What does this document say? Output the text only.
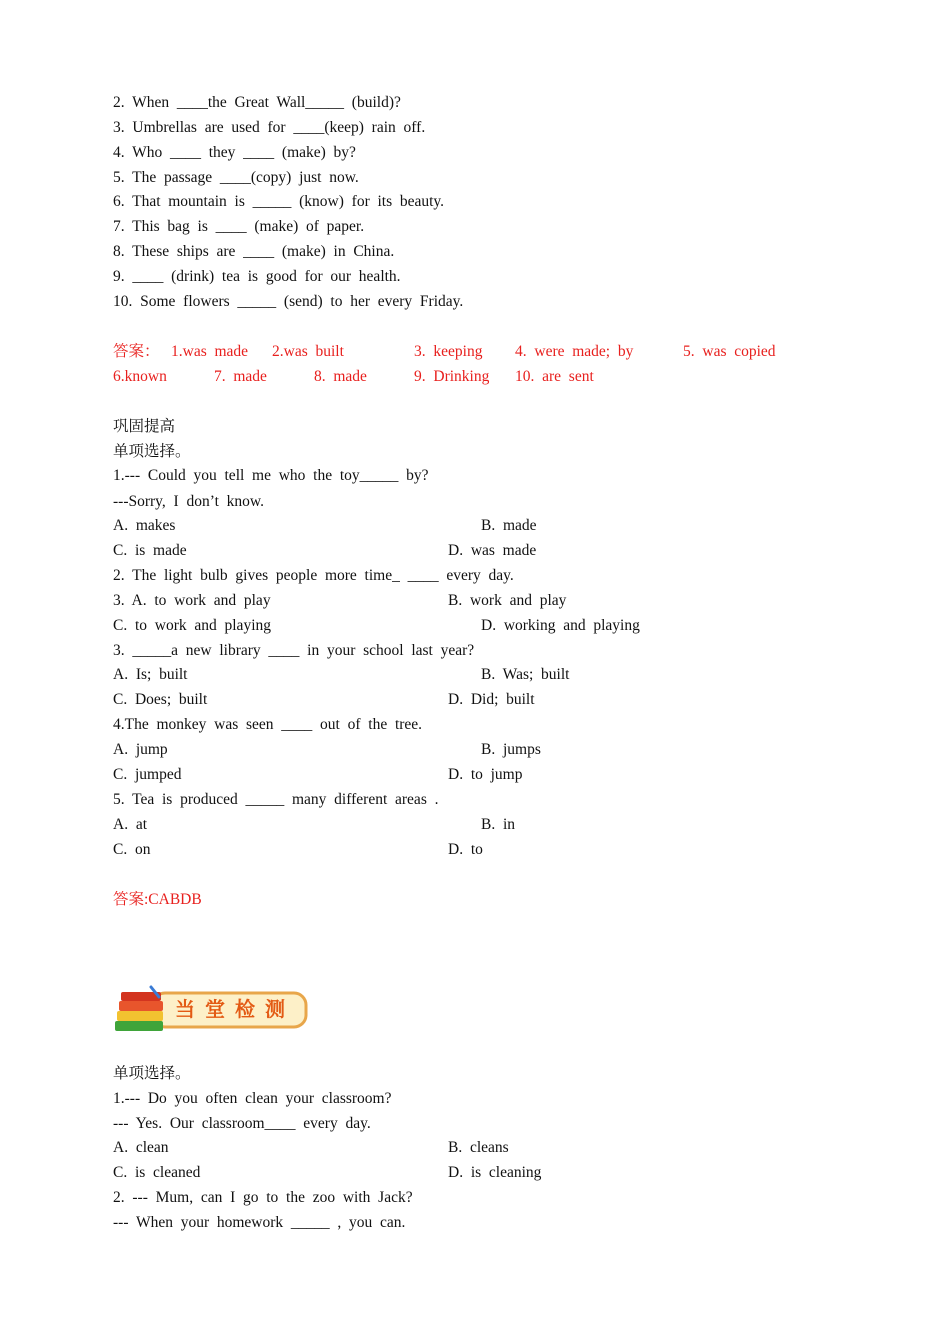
2.  When  ____the  Great  Wall_____  (build)?
3.  Umbrellas  are  used  for  ____(keep)  rain  off.
4.  Who  ____  they  ____  (make)  by?
5.  The  passage  ____(copy)  just  now.
6.  That  mountain  is  _____  (know)  for  its  beauty.
7.  This  bag  is  ____  (make)  of  paper.
8.  These  ships  are  ____  (make)  in  China.
9.  ____  (drink)  tea  is  good  for  our  health.
10.  Some  flowers  _____  (send)  to  her  every  Friday.
答案： 1.was  made 2.was  built	3.  keeping 4.  were  made;  by	5.  was  copied
6.known	7.  made	8.  made	9.  Drinking 10.  are  sent
巩固提高
单项选择。
1.---  Could  you  tell  me  who  the  toy_____  by?
---Sorry,  I  don’t  know.
A.  makes	B.  made
C.  is  made	D.  was  made
2.  The  light  bulb  gives  people  more  time_  ____  every  day.
3.  A.  to  work  and  play	B.  work  and  play
C.  to  work  and  playing	D.  working  and  playing
3.  _____a  new  library  ____  in  your  school  last  year?
A.  Is;  built	B.  Was;  built
C.  Does;  built	D.  Did;  built
4.The  monkey  was  seen  ____  out  of  the  tree.
A.  jump	B.  jumps
C.  jumped	D.  to  jump
5.  Tea  is  produced  _____  many  different  areas  .
A.  at	B.  in
C.  on	D.  to
答案:CABDB
当堂检测
单项选择。
1.---  Do  you  often  clean  your  classroom?
---  Yes.  Our  classroom____  every  day.
A.  clean	B.  cleans
C.  is  cleaned	D.  is  cleaning
2.  ---  Mum,  can  I  go  to  the  zoo  with  Jack?
---  When  your  homework  _____  ,  you  can.
